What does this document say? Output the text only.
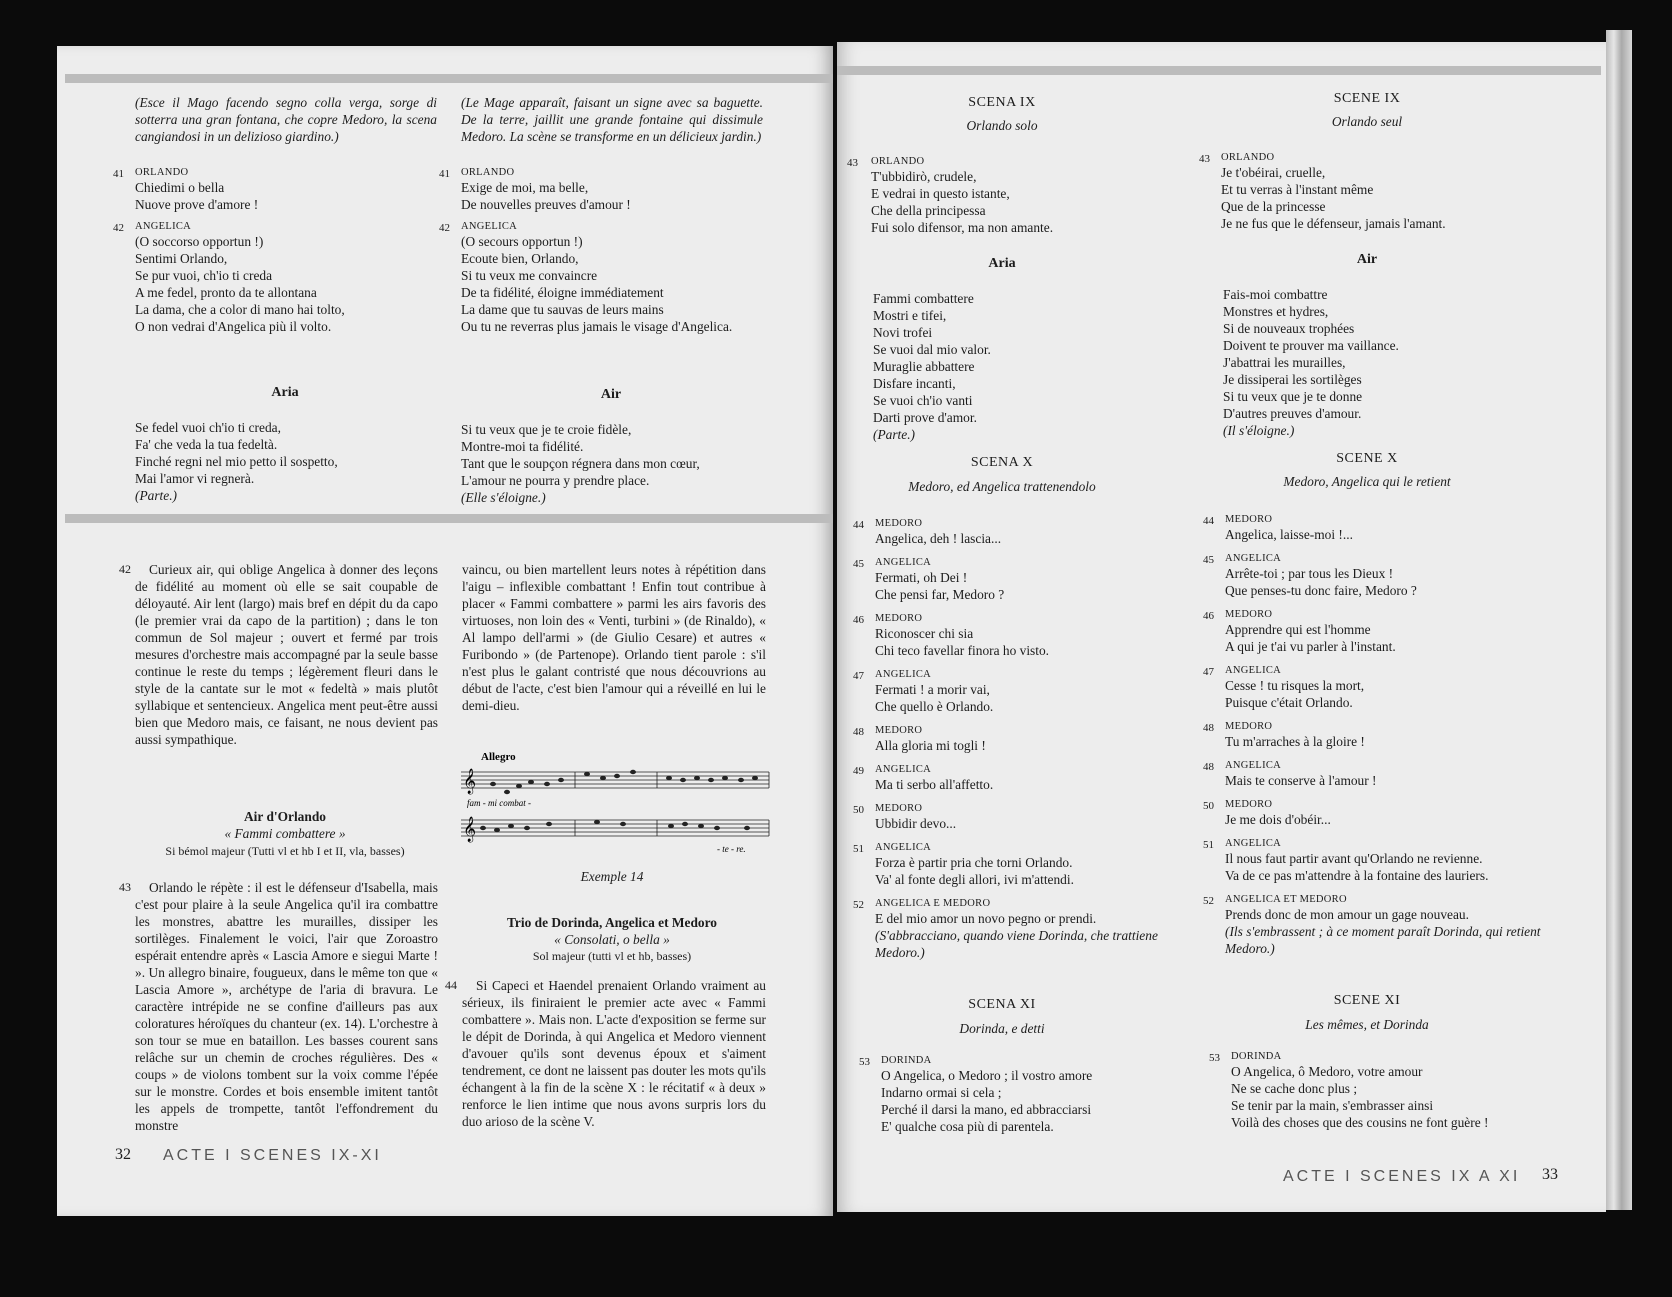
(Esce il Mago facendo segno colla verga, sorge di sotterra una gran fontana, che copre Medoro, la scena cangiandosi in un delizioso giardino.)
(Le Mage apparaît, faisant un signe avec sa baguette. De la terre, jaillit une grande fontaine qui dissimule Medoro. La scène se transforme en un délicieux jardin.)
41 ORLANDO
Chiedimi o bella
Nuove prove d'amore !
41 ORLANDO
Exige de moi, ma belle,
De nouvelles preuves d'amour !
42 ANGELICA
(O soccorso opportun !)
Sentimi Orlando,
Se pur vuoi, ch'io ti creda
A me fedel, pronto da te allontana
La dama, che a color di mano hai tolto,
O non vedrai d'Angelica più il volto.
42 ANGELICA
(O secours opportun !)
Ecoute bien, Orlando,
Si tu veux me convaincre
De ta fidélité, éloigne immédiatement
La dame que tu sauvas de leurs mains
Ou tu ne reverras plus jamais le visage d'Angelica.
Aria	Air
Se fedel vuoi ch'io ti creda,
Fa' che veda la tua fedeltà.
Finché regni nel mio petto il sospetto,
Mai l'amor vi regnerà.
(Parte.)
Si tu veux que je te croie fidèle,
Montre-moi ta fidélité.
Tant que le soupçon régnera dans mon cœur,
L'amour ne pourra y prendre place.
(Elle s'éloigne.)
42	Curieux air, qui oblige Angelica à donner des leçons de fidélité au moment où elle se sait coupable de déloyauté. Air lent (largo) mais bref en dépit du da capo (le premier vrai da capo de la partition) ; dans le ton commun de Sol majeur ; ouvert et fermé par trois mesures d'orchestre mais accompagné par la seule basse continue le reste du temps ; légèrement fleuri dans le style de la cantate sur le mot « fedeltà » mais plutôt syllabique et sentencieux. Angelica ment peut-être aussi bien que Medoro mais, ce faisant, ne nous devient pas aussi sympathique.
Air d'Orlando
« Fammi combattere »
Si bémol majeur (Tutti vl et hb I et II, vla, basses)
43	Orlando le répète : il est le défenseur d'Isabella, mais c'est pour plaire à la seule Angelica qu'il ira combattre les monstres, abattre les murailles, dissiper les sortilèges. Finalement le voici, l'air que Zoroastro espérait entendre après « Lascia Amore e siegui Marte ! ». Un allegro binaire, fougueux, dans le même ton que « Lascia Amore », archétype de l'aria di bravura. Le caractère intrépide ne se confine d'ailleurs pas aux coloratures héroïques du chanteur (ex. 14). L'orchestre à son tour se mue en bataillon. Les basses courent sans relâche sur un chemin de croches régulières. Des « coups » de violons tombent sur la voix comme l'épée sur le monstre. Cordes et bois ensemble imitent tantôt les appels de trompette, tantôt l'effondrement du monstre
vaincu, ou bien martellent leurs notes à répétition dans l'aigu – inflexible combattant ! Enfin tout contribue à placer « Fammi combattere » parmi les airs favoris des virtuoses, non loin des « Venti, turbini » (de Rinaldo), « Al lampo dell'armi » (de Giulio Cesare) et autres « Furibondo » (de Partenope). Orlando tient parole : s'il n'est plus le galant contristé que nous découvrions au début de l'acte, c'est bien l'amour qui a réveillé en lui le demi-dieu.
Allegro
𝄞
𝄞
fam - mi combat -
- te - re.
Exemple 14
Trio de Dorinda, Angelica et Medoro
« Consolati, o bella »
Sol majeur (tutti vl et hb, basses)
44	Si Capeci et Haendel prenaient Orlando vraiment au sérieux, ils finiraient le premier acte avec « Fammi combattere ». Mais non. L'acte d'exposition se ferme sur le dépit de Dorinda, à qui Angelica et Medoro viennent d'avouer qu'ils sont devenus époux et s'aiment tendrement, ce dont ne laissent pas douter les mots qu'ils échangent à la fin de la scène X : le récitatif « à deux » renforce le lien intime que nous avons surpris lors du duo arioso de la scène V.
32 ACTE I SCENES IX-XI
SCENA IX
Orlando solo
SCENE IX
Orlando seul
43 ORLANDO
T'ubbidirò, crudele,
E vedrai in questo istante,
Che della principessa
Fui solo difensor, ma non amante.
43 ORLANDO
Je t'obéirai, cruelle,
Et tu verras à l'instant même
Que de la princesse
Je ne fus que le défenseur, jamais l'amant.
Aria	Air
Fammi combattere
Mostri e tifei,
Novi trofei
Se vuoi dal mio valor.
Muraglie abbattere
Disfare incanti,
Se vuoi ch'io vanti
Darti prove d'amor.
(Parte.)
Fais-moi combattre
Monstres et hydres,
Si de nouveaux trophées
Doivent te prouver ma vaillance.
J'abattrai les murailles,
Je dissiperai les sortilèges
Si tu veux que je te donne
D'autres preuves d'amour.
(Il s'éloigne.)
SCENA X
Medoro, ed Angelica trattenendolo
SCENE X
Medoro, Angelica qui le retient
44 MEDORO
Angelica, deh ! lascia...
45 ANGELICA
Fermati, oh Dei !
Che pensi far, Medoro ?
46 MEDORO
Riconoscer chi sia
Chi teco favellar finora ho visto.
47 ANGELICA
Fermati ! a morir vai,
Che quello è Orlando.
48 MEDORO
Alla gloria mi togli !
49 ANGELICA
Ma ti serbo all'affetto.
50 MEDORO
Ubbidir devo...
51 ANGELICA
Forza è partir pria che torni Orlando.
Va' al fonte degli allori, ivi m'attendi.
52 ANGELICA E MEDORO
E del mio amor un novo pegno or prendi.
(S'abbracciano, quando viene Dorinda, che trattiene Medoro.)
44 MEDORO
Angelica, laisse-moi !...
45 ANGELICA
Arrête-toi ; par tous les Dieux !
Que penses-tu donc faire, Medoro ?
46 MEDORO
Apprendre qui est l'homme
A qui je t'ai vu parler à l'instant.
47 ANGELICA
Cesse ! tu risques la mort,
Puisque c'était Orlando.
48 MEDORO
Tu m'arraches à la gloire !
48 ANGELICA
Mais te conserve à l'amour !
50 MEDORO
Je me dois d'obéir...
51 ANGELICA
Il nous faut partir avant qu'Orlando ne revienne.
Va de ce pas m'attendre à la fontaine des lauriers.
52 ANGELICA ET MEDORO
Prends donc de mon amour un gage nouveau.
(Ils s'embrassent ; à ce moment paraît Dorinda, qui retient Medoro.)
SCENA XI
Dorinda, e detti
SCENE XI
Les mêmes, et Dorinda
53 DORINDA
O Angelica, o Medoro ; il vostro amore
Indarno ormai si cela ;
Perché il darsi la mano, ed abbracciarsi
E' qualche cosa più di parentela.
53 DORINDA
O Angelica, ô Medoro, votre amour
Ne se cache donc plus ;
Se tenir par la main, s'embrasser ainsi
Voilà des choses que des cousins ne font guère !
ACTE I SCENES IX A XI 33
